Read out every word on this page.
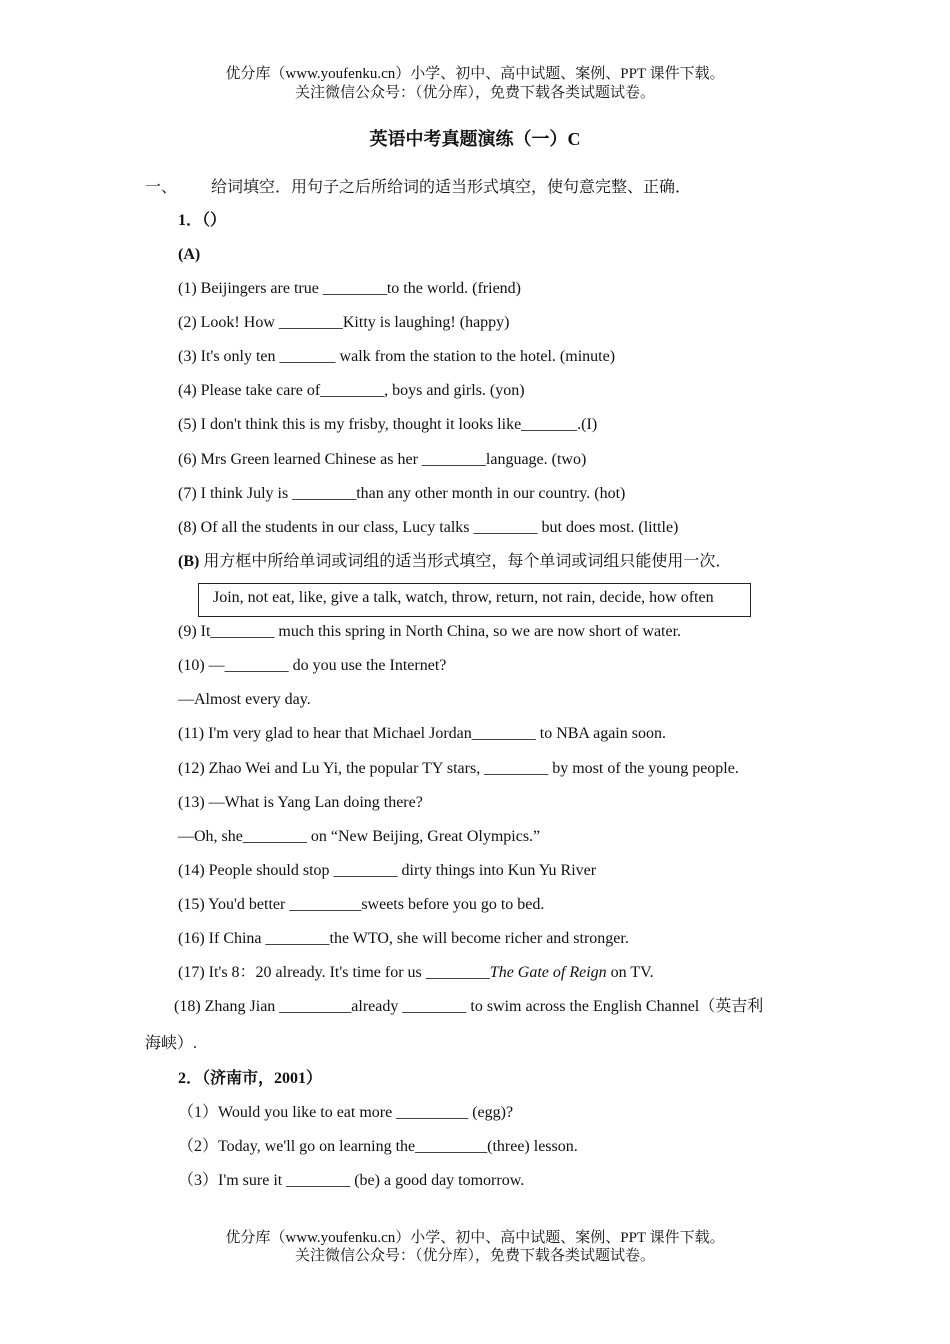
优分库（www.youfenku.cn）小学、初中、高中试题、案例、PPT 课件下载。
关注微信公众号：（优分库），免费下载各类试题试卷。
英语中考真题演练（一）C
一、 给词填空．用句子之后所给词的适当形式填空，使句意完整、正确．
1．（）
(A)
(1) Beijingers are true ________to the world. (friend)
(2) Look! How ________Kitty is laughing! (happy)
(3) It's only ten _______ walk from the station to the hotel. (minute)
(4) Please take care of________, boys and girls. (yon)
(5) I don't think this is my frisby, thought it looks like_______.(I)
(6) Mrs Green learned Chinese as her ________language. (two)
(7) I think July is ________than any other month in our country. (hot)
(8) Of all the students in our class, Lucy talks ________ but does most. (little)
(B) 用方框中所给单词或词组的适当形式填空，每个单词或词组只能使用一次．
Join, not eat, like, give a talk, watch, throw, return, not rain, decide, how often
(9) It________ much this spring in North China, so we are now short of water.
(10) —________ do you use the Internet?
—Almost every day.
(11) I'm very glad to hear that Michael Jordan________ to NBA again soon.
(12) Zhao Wei and Lu Yi, the popular TY stars, ________ by most of the young people.
(13) —What is Yang Lan doing there?
—Oh, she________ on “New Beijing, Great Olympics.”
(14) People should stop ________ dirty things into Kun Yu River
(15) You'd better _________sweets before you go to bed.
(16) If China ________the WTO, she will become richer and stronger.
(17) It's 8：20 already. It's time for us ________The Gate of Reign on TV.
(18) Zhang Jian _________already ________ to swim across the English Channel（英吉利
海峡）.
2．（济南市，2001）
（1）Would you like to eat more _________ (egg)?
（2）Today, we'll go on learning the_________(three) lesson.
（3）I'm sure it ________ (be) a good day tomorrow.
优分库（www.youfenku.cn）小学、初中、高中试题、案例、PPT 课件下载。
关注微信公众号：（优分库），免费下载各类试题试卷。
